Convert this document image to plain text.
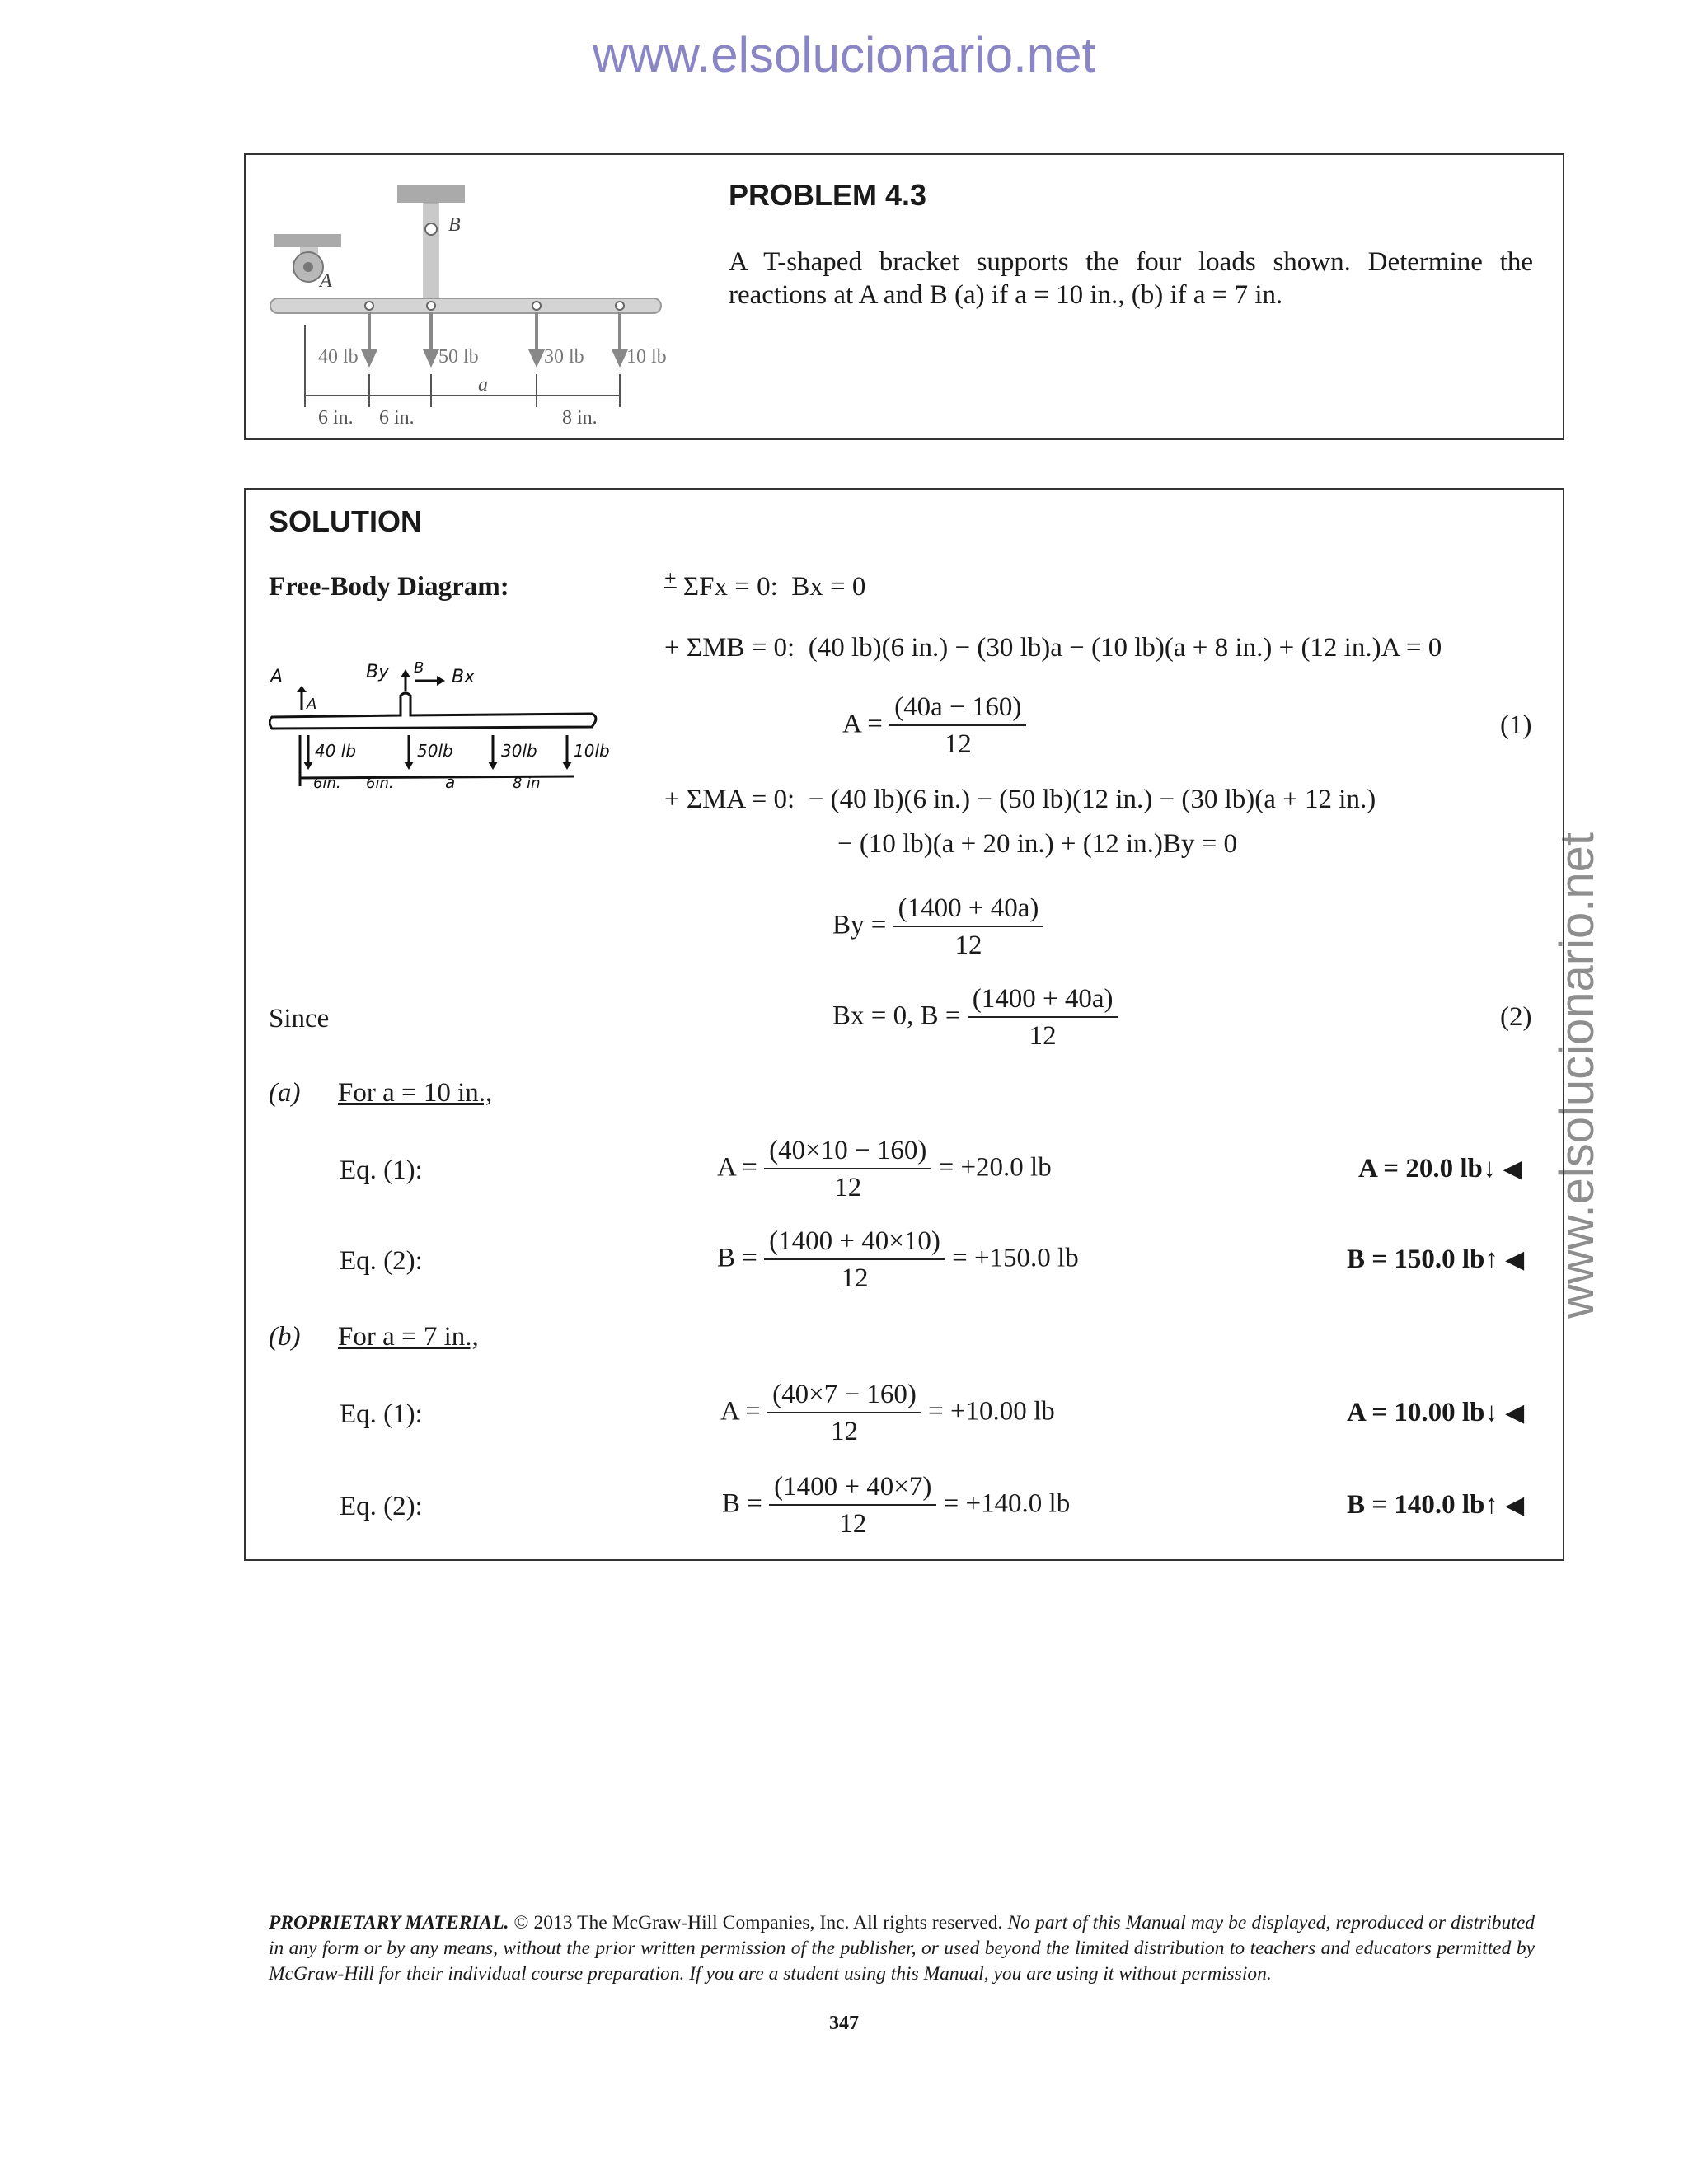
www.elsolucionario.net
www.elsolucionario.net
A
B
40 lb	50 lb	30 lb 10 lb
6 in. 6 in.
a
8 in.
PROBLEM 4.3
A T-shaped bracket supports the four loads shown. Determine the reactions at A and B (a) if a = 10 in., (b) if a = 7 in.
SOLUTION
Free-Body Diagram:
A
A
By B Bx
40 lb	50lb	30lb 10lb
6in. 6in.	a	8 in
+ ΣFx = 0: Bx = 0
+ ΣMB = 0: (40 lb)(6 in.) − (30 lb)a − (10 lb)(a + 8 in.) + (12 in.)A = 0
$A = \frac{(40a - 160)}{12}$	(1)
+ ΣMA = 0: − (40 lb)(6 in.) − (50 lb)(12 in.) − (30 lb)(a + 12 in.)
− (10 lb)(a + 20 in.) + (12 in.)By = 0
$By = \frac{(1400 + 40a)}{12}$
Since	Bx = 0, $B = \frac{(1400 + 40a)}{12}$	(2)
(a) For a = 10 in.,
Eq. (1):	$A = \frac{(40\times 10 - 160)}{12} = +20.0$ lb	A = 20.0 lb↓ ◀
Eq. (2):	$B = \frac{(1400 + 40\times 10)}{12} = +150.0$ lb	B = 150.0 lb↑ ◀
(b) For a = 7 in.,
Eq. (1):	$A = \frac{(40\times 7 - 160)}{12} = +10.00$ lb	A = 10.00 lb↓ ◀
Eq. (2):	$B = \frac{(1400 + 40\times 7)}{12} = +140.0$ lb	B = 140.0 lb↑ ◀
PROPRIETARY MATERIAL. © 2013 The McGraw-Hill Companies, Inc. All rights reserved. No part of this Manual may be displayed, reproduced or distributed in any form or by any means, without the prior written permission of the publisher, or used beyond the limited distribution to teachers and educators permitted by McGraw-Hill for their individual course preparation. If you are a student using this Manual, you are using it without permission.
347
